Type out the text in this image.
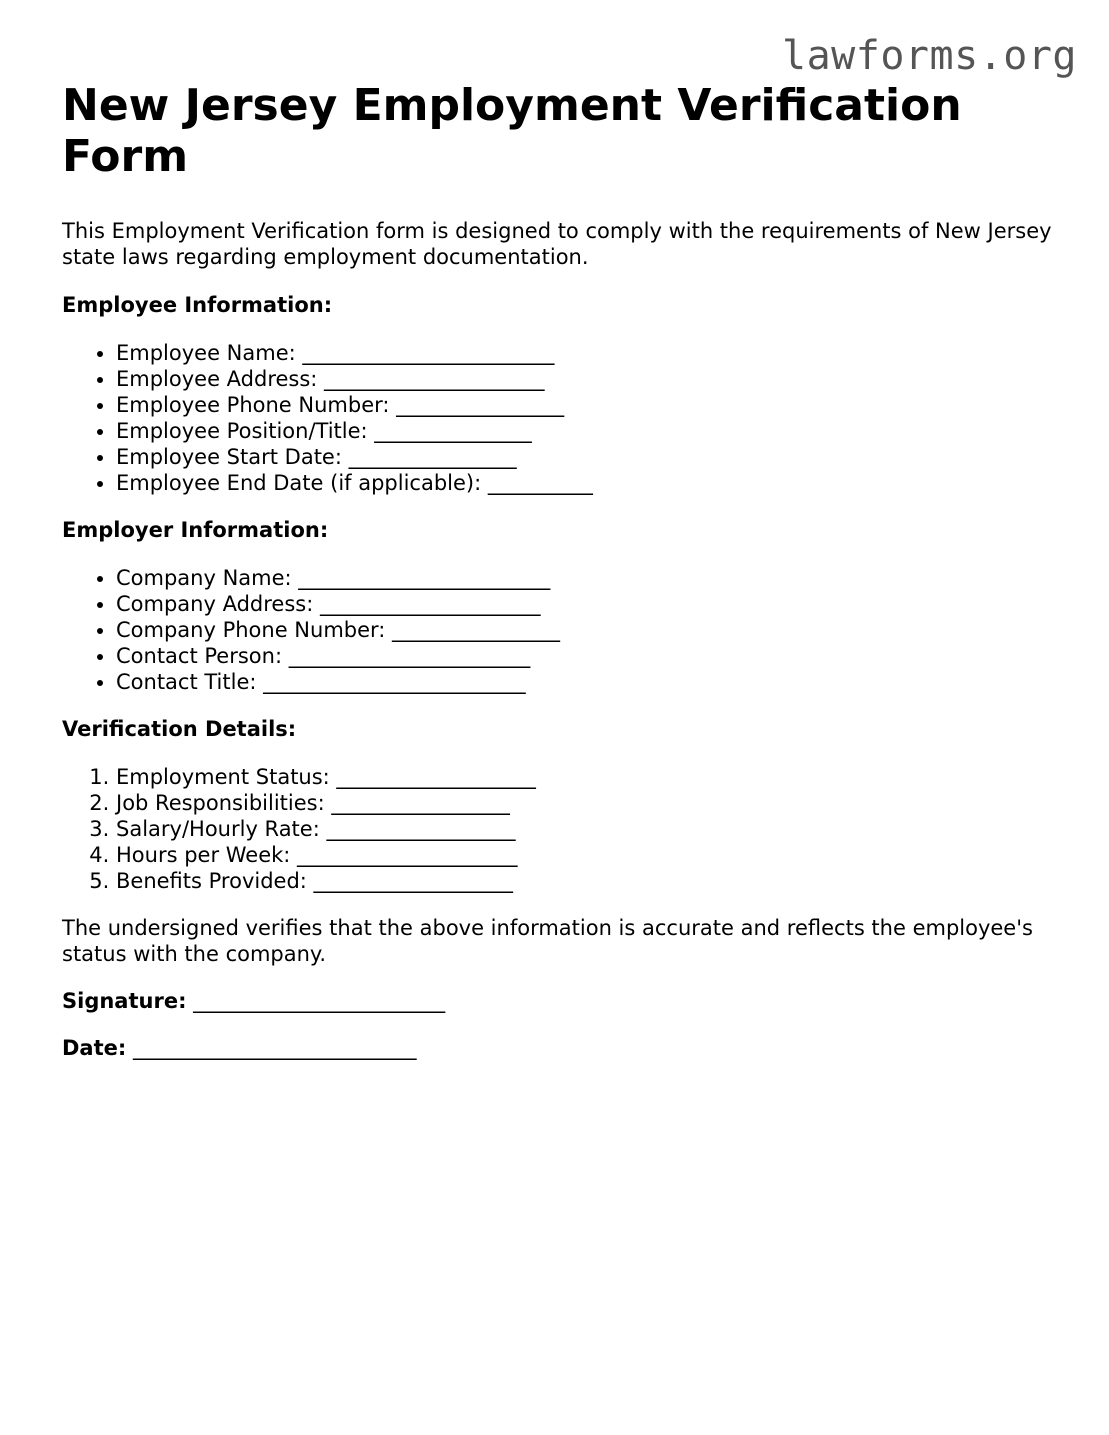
lawforms.org
New Jersey Employment Verification Form

This Employment Verification form is designed to comply with the requirements of New Jersey state laws regarding employment documentation.

Employee Information:
• Employee Name: ________________________
• Employee Address: _____________________
• Employee Phone Number: ________________
• Employee Position/Title: _______________
• Employee Start Date: ________________
• Employee End Date (if applicable): __________
Employer Information:
• Company Name: ________________________
• Company Address: _____________________
• Company Phone Number: ________________
• Contact Person: _______________________
• Contact Title: _________________________
Verification Details:
1. Employment Status: ___________________
2. Job Responsibilities: _________________
3. Salary/Hourly Rate: __________________
4. Hours per Week: _____________________
5. Benefits Provided: ___________________

The undersigned verifies that the above information is accurate and reflects the employee's status with the company.

Signature: ________________________
Date: ___________________________
